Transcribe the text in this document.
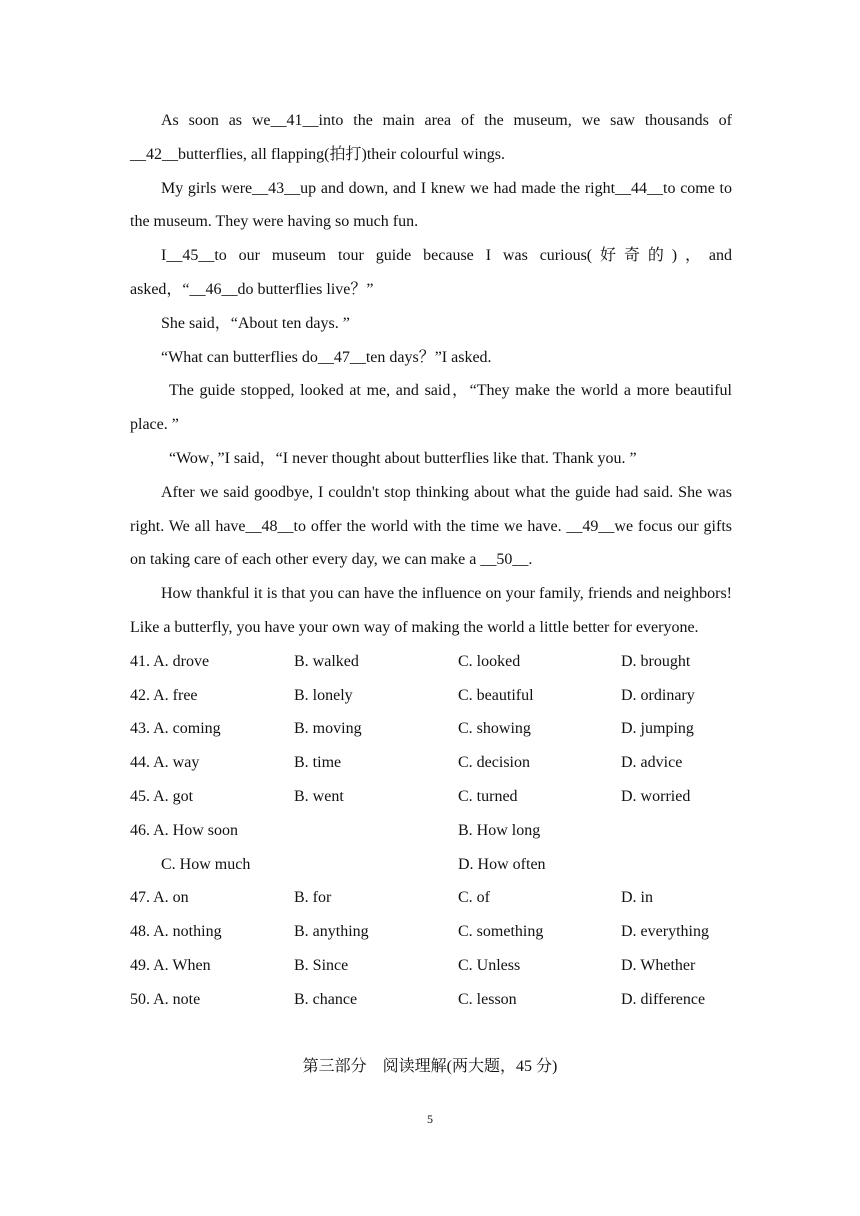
As soon as we__41__into the main area of the museum, we saw thousands of __42__butterflies, all flapping(拍打)their colourful wings.

My girls were__43__up and down, and I knew we had made the right__44__to come to the museum. They were having so much fun.

I__45__to our museum tour guide because I was curious(好奇的)，and asked，“__46__do butterflies live？”

She said，“About ten days. ”

“What can butterflies do__47__ten days？”I asked.

The guide stopped, looked at me, and said，“They make the world a more beautiful place. ”

“Wow，”I said，“I never thought about butterflies like that. Thank you. ”

After we said goodbye, I couldn't stop thinking about what the guide had said. She was right. We all have__48__to offer the world with the time we have. __49__we focus our gifts on taking care of each other every day, we can make a __50__.

How thankful it is that you can have the influence on your family, friends and neighbors! Like a butterfly, you have your own way of making the world a little better for everyone.

41. A. drove	B. walked	C. looked	D. brought
42. A. free	B. lonely	C. beautiful	D. ordinary
43. A. coming	B. moving	C. showing	D. jumping
44. A. way	B. time	C. decision	D. advice
45. A. got	B. went	C. turned	D. worried
46. A. How soon	B. How long
C. How much	D. How often
47. A. on	B. for	C. of	D. in
48. A. nothing	B. anything	C. something	D. everything
49. A. When	B. Since	C. Unless	D. Whether
50. A. note	B. chance	C. lesson	D. difference
第三部分　阅读理解(两大题，45 分)
5
